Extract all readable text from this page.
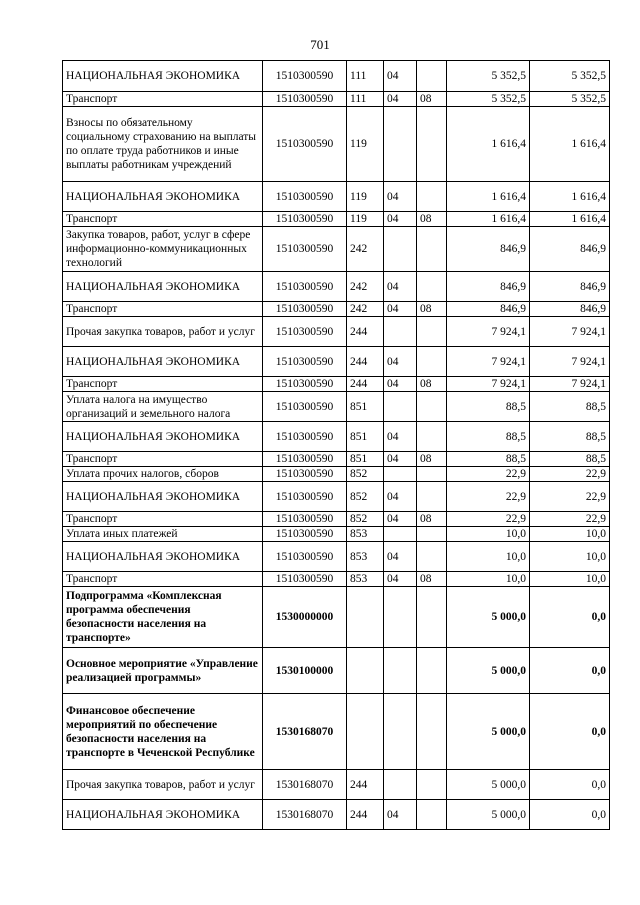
701
НАЦИОНАЛЬНАЯ ЭКОНОМИКА	1510300590	111	04		5 352,5	5 352,5
Транспорт	1510300590	111	04	08	5 352,5	5 352,5
Взносы по обязательному социальному страхованию на выплаты по оплате труда работников и иные выплаты работникам учреждений	1510300590	119			1 616,4	1 616,4
НАЦИОНАЛЬНАЯ ЭКОНОМИКА	1510300590	119	04		1 616,4	1 616,4
Транспорт	1510300590	119	04	08	1 616,4	1 616,4
Закупка товаров, работ, услуг в сфере информационно-коммуникационных технологий	1510300590	242			846,9	846,9
НАЦИОНАЛЬНАЯ ЭКОНОМИКА	1510300590	242	04		846,9	846,9
Транспорт	1510300590	242	04	08	846,9	846,9
Прочая закупка товаров, работ и услуг	1510300590	244			7 924,1	7 924,1
НАЦИОНАЛЬНАЯ ЭКОНОМИКА	1510300590	244	04		7 924,1	7 924,1
Транспорт	1510300590	244	04	08	7 924,1	7 924,1
Уплата налога на имущество организаций и земельного налога	1510300590	851			88,5	88,5
НАЦИОНАЛЬНАЯ ЭКОНОМИКА	1510300590	851	04		88,5	88,5
Транспорт	1510300590	851	04	08	88,5	88,5
Уплата прочих налогов, сборов	1510300590	852			22,9	22,9
НАЦИОНАЛЬНАЯ ЭКОНОМИКА	1510300590	852	04		22,9	22,9
Транспорт	1510300590	852	04	08	22,9	22,9
Уплата иных платежей	1510300590	853			10,0	10,0
НАЦИОНАЛЬНАЯ ЭКОНОМИКА	1510300590	853	04		10,0	10,0
Транспорт	1510300590	853	04	08	10,0	10,0
Подпрограмма «Комплексная программа обеспечения безопасности населения на транспорте»	1530000000				5 000,0	0,0
Основное мероприятие «Управление реализацией программы»	1530100000				5 000,0	0,0
Финансовое обеспечение мероприятий по обеспечение безопасности населения на транспорте в Чеченской Республике	1530168070				5 000,0	0,0
Прочая закупка товаров, работ и услуг	1530168070	244			5 000,0	0,0
НАЦИОНАЛЬНАЯ ЭКОНОМИКА	1530168070	244	04		5 000,0	0,0
